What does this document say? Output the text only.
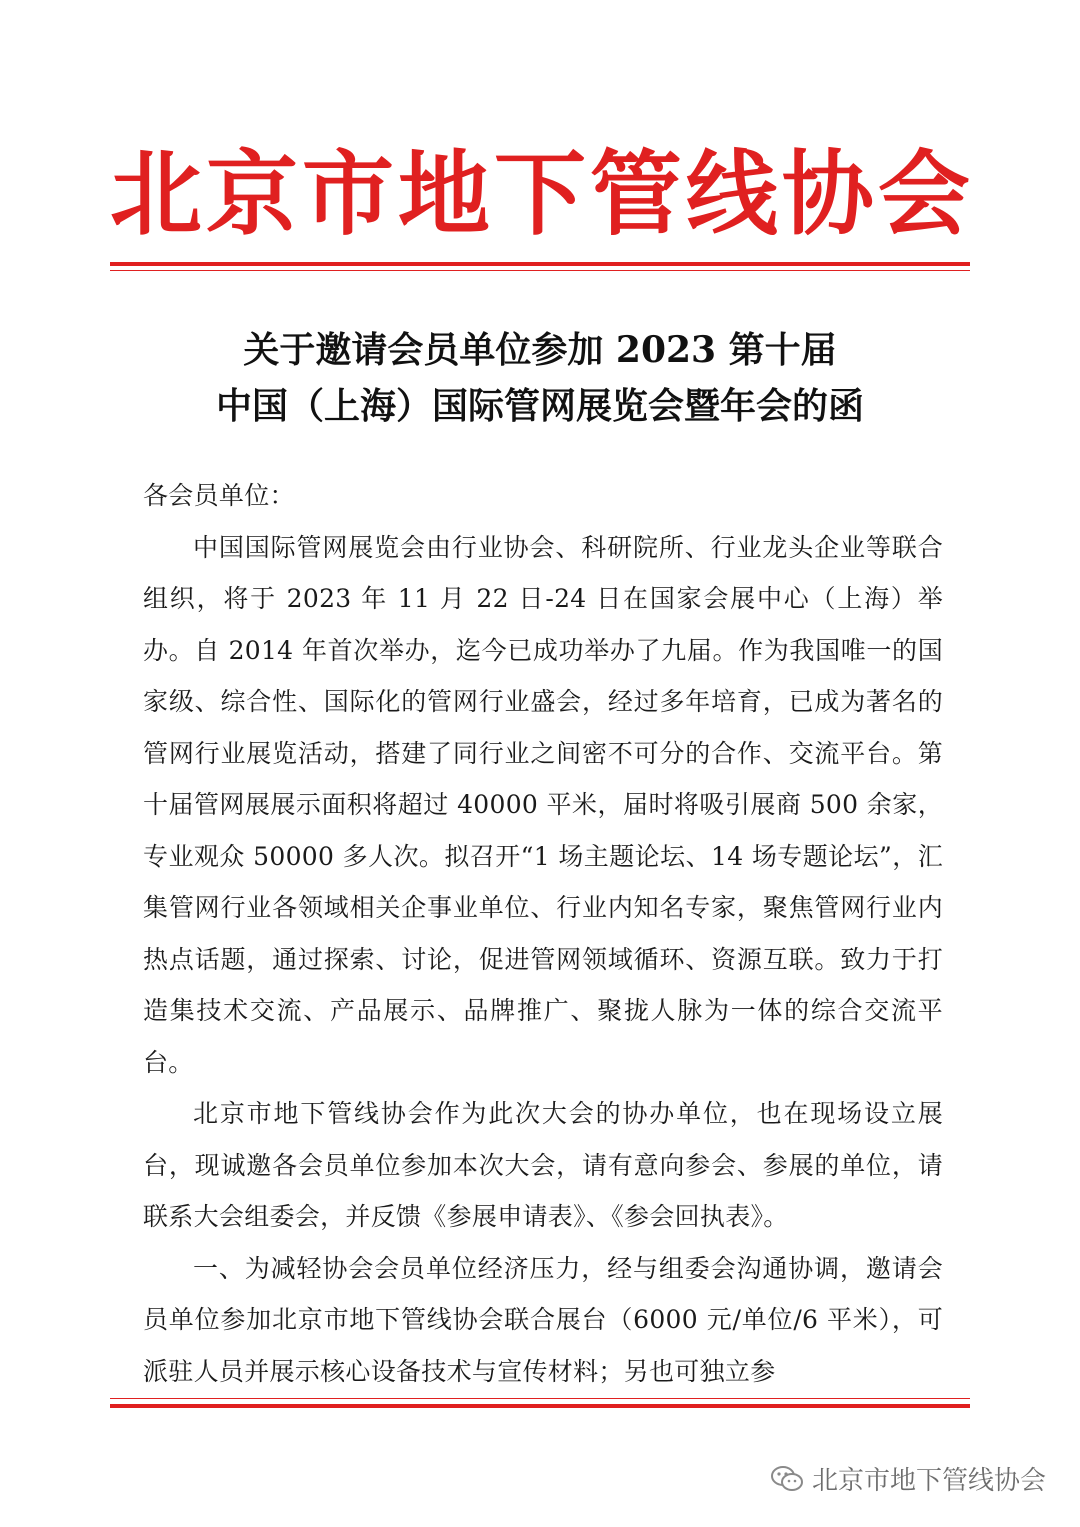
北 京 市 地 下 管 线 协 会
关于邀请会员单位参加 2023 第十届
中国（上海）国际管网展览会暨年会的函

各会员单位：

中国国际管网展览会由行业协会、科研院所、行业龙头企业等联合组织，将于 2023 年 11 月 22 日-24 日在国家会展中心（上海）举办。自 2014 年首次举办，迄今已成功举办了九届。作为我国唯一的国家级、综合性、国际化的管网行业盛会，经过多年培育，已成为著名的管网行业展览活动，搭建了同行业之间密不可分的合作、交流平台。第十届管网展展示面积将超过 40000 平米，届时将吸引展商 500 余家，专业观众 50000 多人次。拟召开“1 场主题论坛、14 场专题论坛”，汇集管网行业各领域相关企事业单位、行业内知名专家，聚焦管网行业内热点话题，通过探索、讨论，促进管网领域循环、资源互联。致力于打造集技术交流、产品展示、品牌推广、聚拢人脉为一体的综合交流平台。

北京市地下管线协会作为此次大会的协办单位，也在现场设立展台，现诚邀各会员单位参加本次大会，请有意向参会、参展的单位，请联系大会组委会，并反馈《参展申请表》、《参会回执表》。

一、为减轻协会会员单位经济压力，经与组委会沟通协调，邀请会员单位参加北京市地下管线协会联合展台（6000 元/单位/6 平米），可派驻人员并展示核心设备技术与宣传材料；另也可独立参

北京市地下管线协会
